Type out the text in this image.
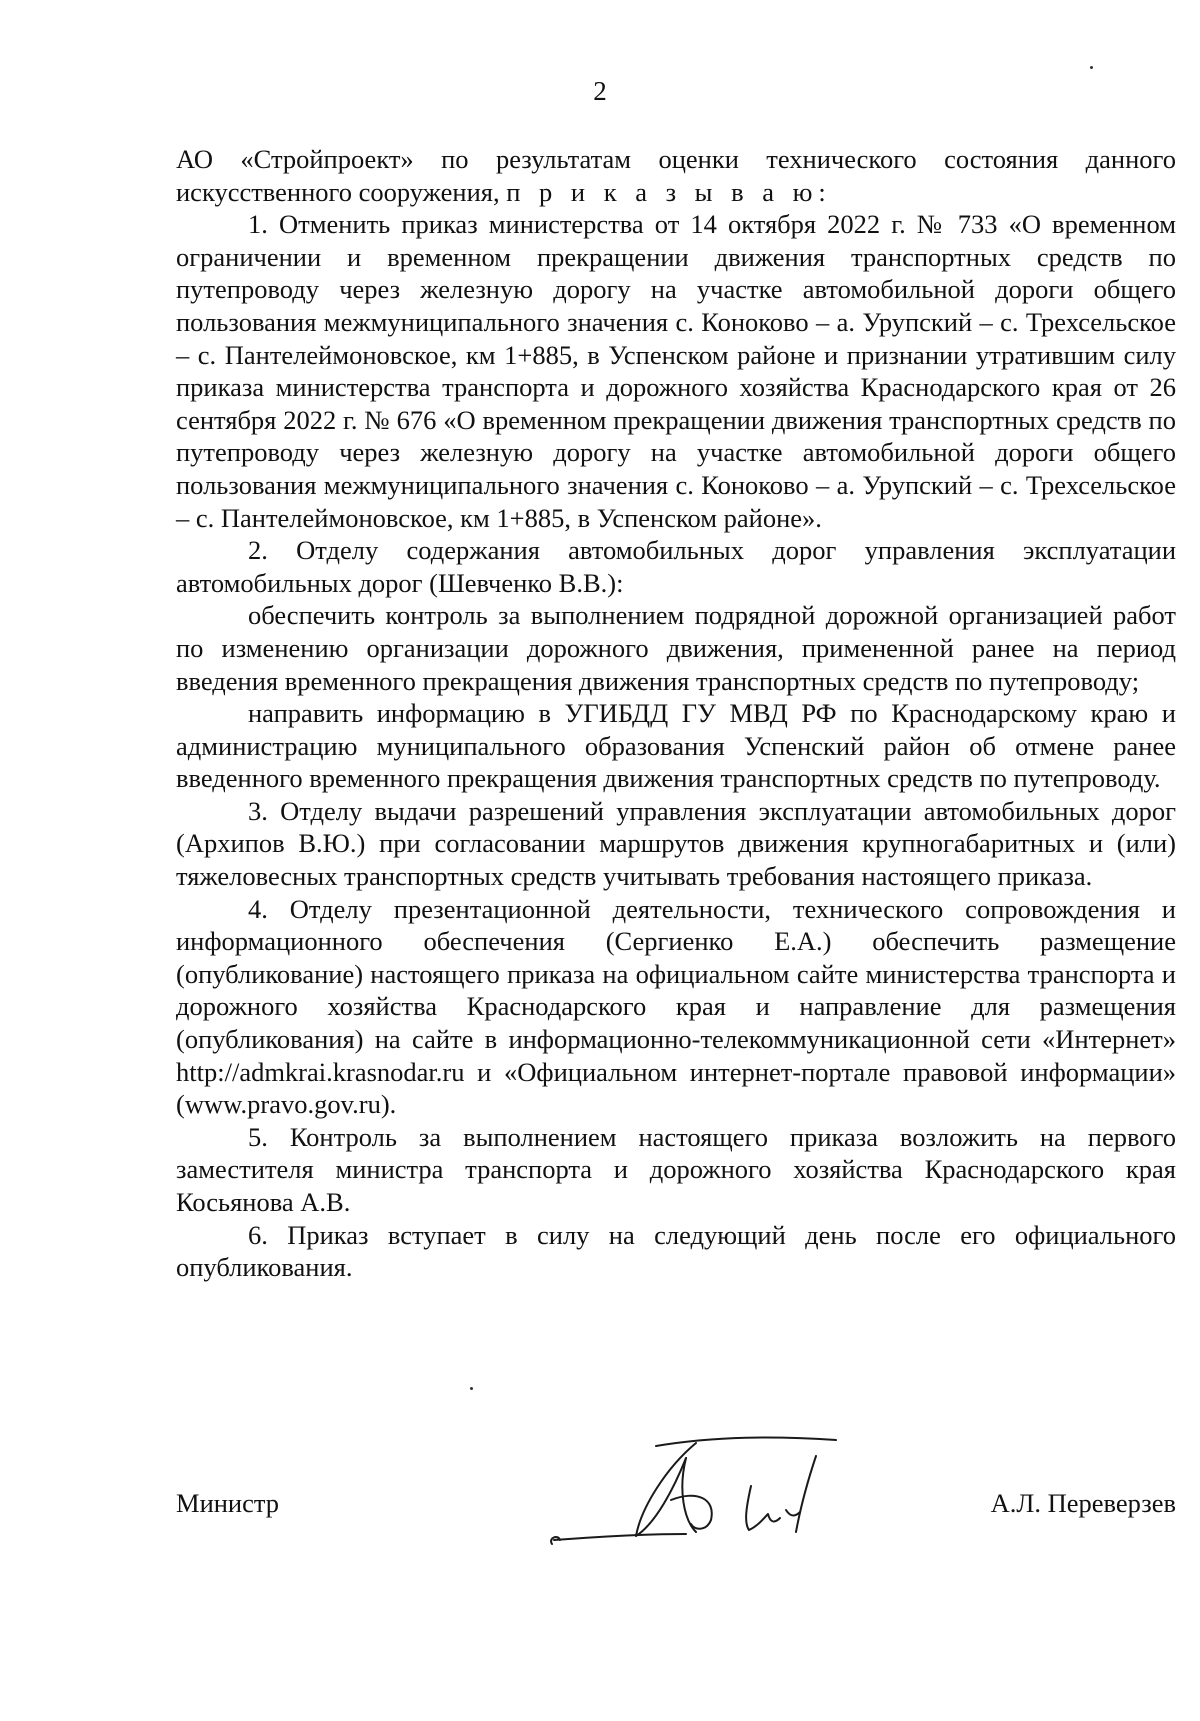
2

АО «Стройпроект» по результатам оценки технического состояния данного искусственного сооружения, п р и к а з ы в а ю:

1. Отменить приказ министерства от 14 октября 2022 г. № 733 «О временном ограничении и временном прекращении движения транспортных средств по путепроводу через железную дорогу на участке автомобильной дороги общего пользования межмуниципального значения с. Коноково – а. Урупский – с. Трехсельское – с. Пантелеймоновское, км 1+885, в Успенском районе и признании утратившим силу приказа министерства транспорта и дорожного хозяйства Краснодарского края от 26 сентября 2022 г. № 676 «О временном прекращении движения транспортных средств по путепроводу через железную дорогу на участке автомобильной дороги общего пользования межмуниципального значения с. Коноково – а. Урупский – с. Трехсельское – с. Пантелеймоновское, км 1+885, в Успенском районе».

2. Отделу содержания автомобильных дорог управления эксплуатации автомобильных дорог (Шевченко В.В.):

обеспечить контроль за выполнением подрядной дорожной организацией работ по изменению организации дорожного движения, примененной ранее на период введения временного прекращения движения транспортных средств по путепроводу;

направить информацию в УГИБДД ГУ МВД РФ по Краснодарскому краю и администрацию муниципального образования Успенский район об отмене ранее введенного временного прекращения движения транспортных средств по путепроводу.

3. Отделу выдачи разрешений управления эксплуатации автомобильных дорог (Архипов В.Ю.) при согласовании маршрутов движения крупногабаритных и (или) тяжеловесных транспортных средств учитывать требования настоящего приказа.

4. Отделу презентационной деятельности, технического сопровождения и информационного обеспечения (Сергиенко Е.А.) обеспечить размещение (опубликование) настоящего приказа на официальном сайте министерства транспорта и дорожного хозяйства Краснодарского края и направление для размещения (опубликования) на сайте в информационно-телекоммуникационной сети «Интернет» http://admkrai.krasnodar.ru и «Официальном интернет-портале правовой информации» (www.pravo.gov.ru).

5. Контроль за выполнением настоящего приказа возложить на первого заместителя министра транспорта и дорожного хозяйства Краснодарского края Косьянова А.В.

6. Приказ вступает в силу на следующий день после его официального опубликования.

Министр	А.Л. Переверзев
